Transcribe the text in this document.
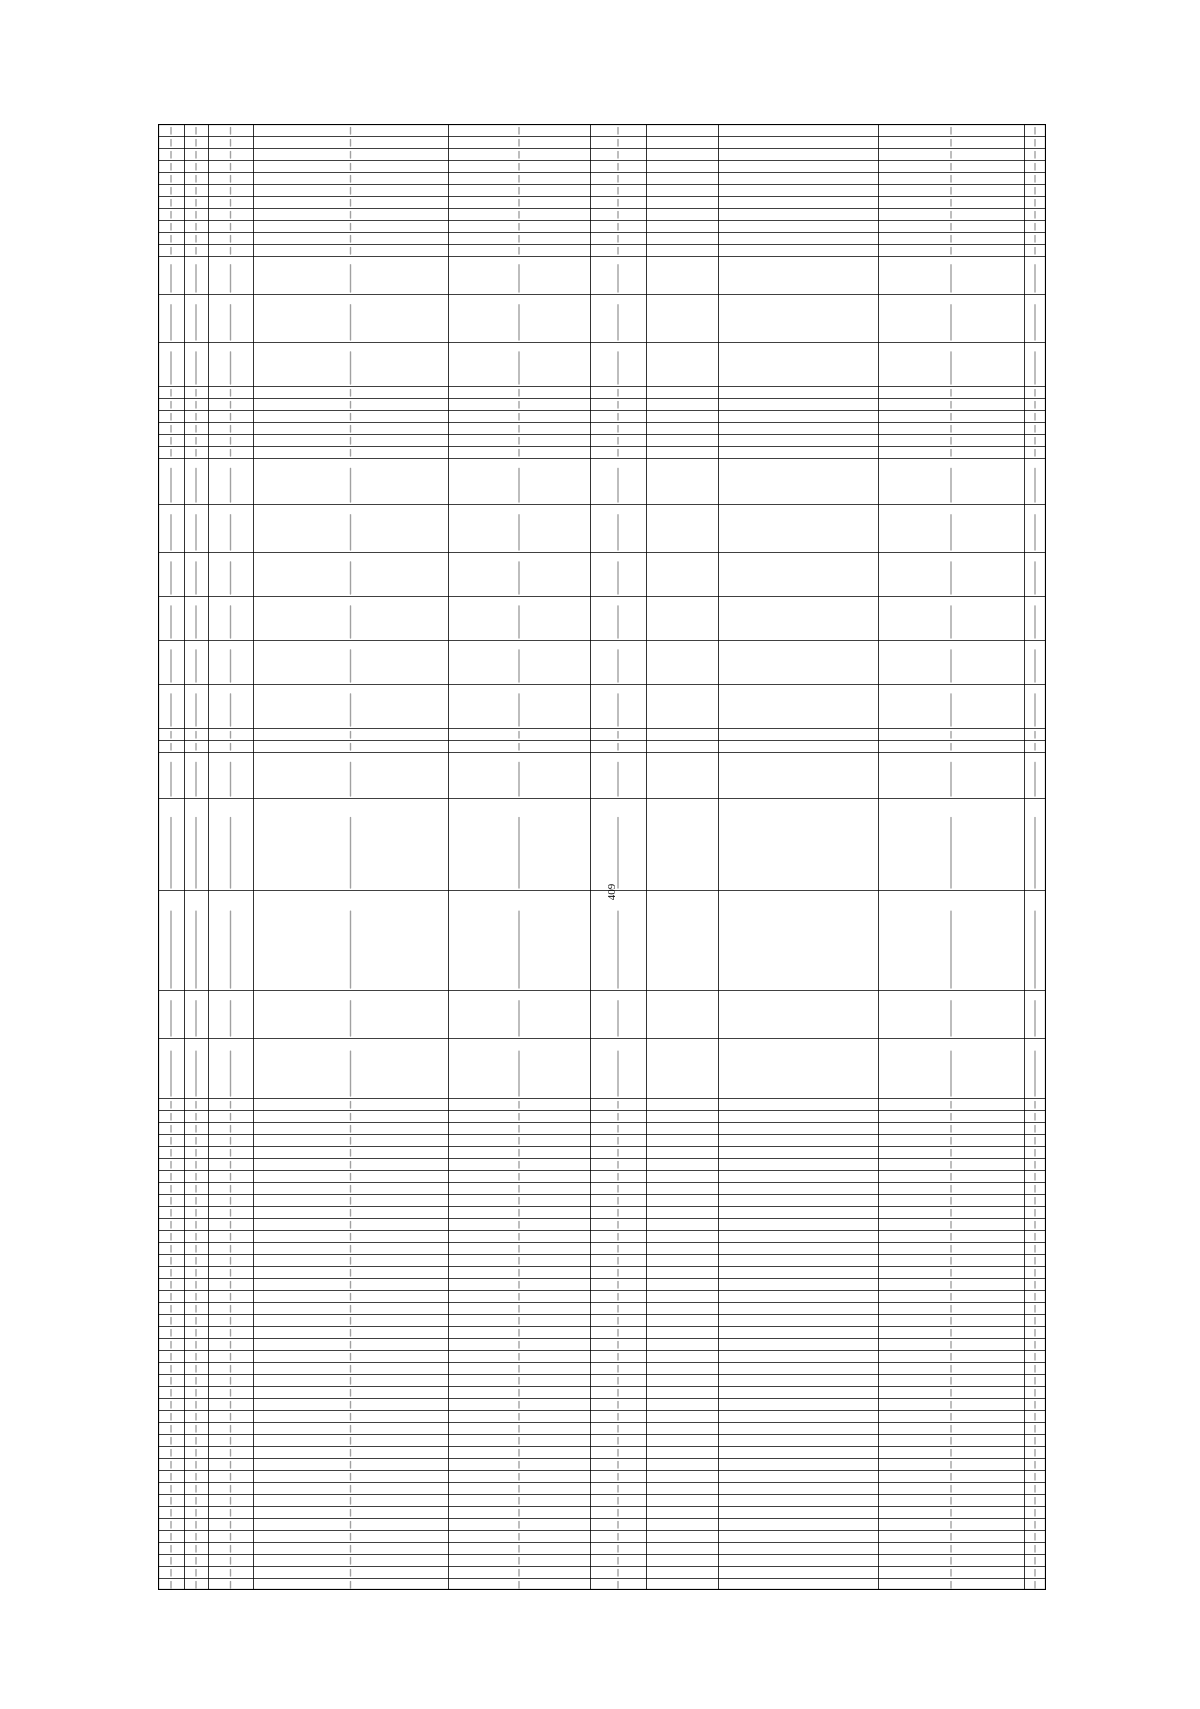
409
